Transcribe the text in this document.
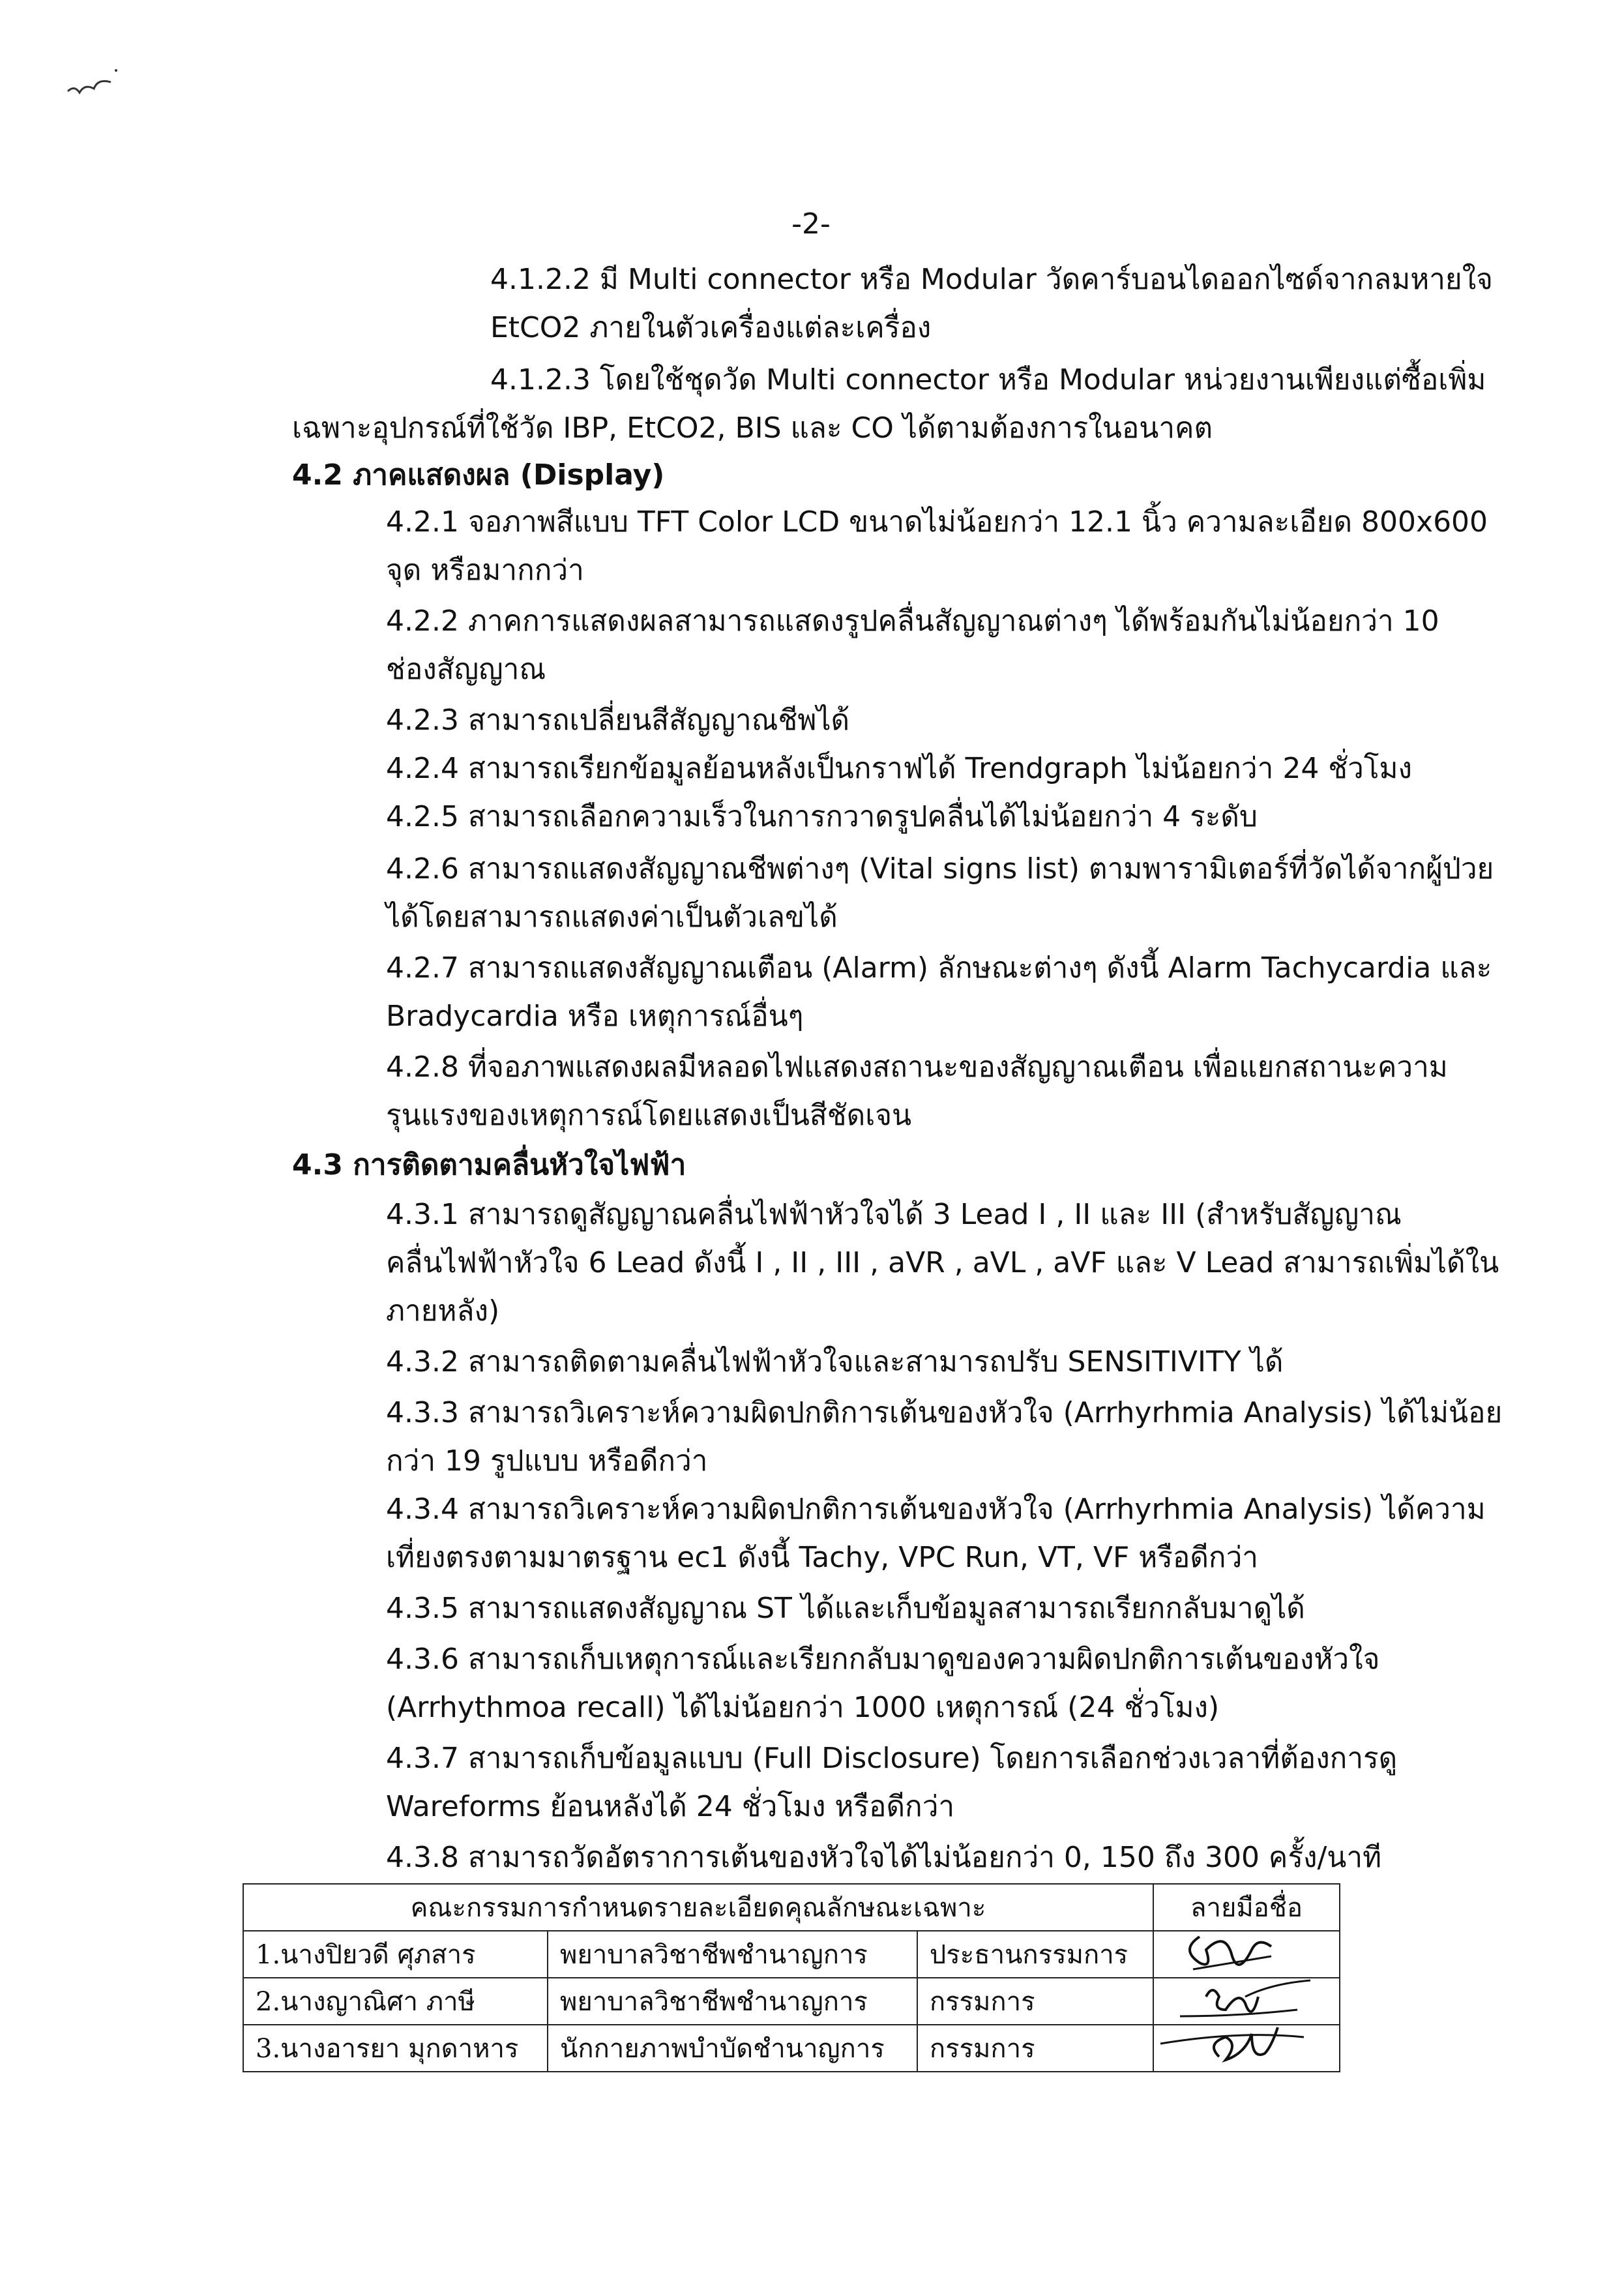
-2-
4.1.2.2 มี Multi connector หรือ Modular วัดคาร์บอนไดออกไซด์จากลมหายใจ
EtCO2 ภายในตัวเครื่องแต่ละเครื่อง
4.1.2.3 โดยใช้ชุดวัด Multi connector หรือ Modular หน่วยงานเพียงแต่ซื้อเพิ่ม
เฉพาะอุปกรณ์ที่ใช้วัด IBP, EtCO2, BIS และ CO ได้ตามต้องการในอนาคต
4.2 ภาคแสดงผล (Display)
4.2.1 จอภาพสีแบบ TFT Color LCD ขนาดไม่น้อยกว่า 12.1 นิ้ว ความละเอียด 800x600
จุด หรือมากกว่า
4.2.2 ภาคการแสดงผลสามารถแสดงรูปคลื่นสัญญาณต่างๆ ได้พร้อมกันไม่น้อยกว่า 10
ช่องสัญญาณ
4.2.3 สามารถเปลี่ยนสีสัญญาณชีพได้
4.2.4 สามารถเรียกข้อมูลย้อนหลังเป็นกราฟได้ Trendgraph ไม่น้อยกว่า 24 ชั่วโมง
4.2.5 สามารถเลือกความเร็วในการกวาดรูปคลื่นได้ไม่น้อยกว่า 4 ระดับ
4.2.6 สามารถแสดงสัญญาณชีพต่างๆ (Vital signs list) ตามพารามิเตอร์ที่วัดได้จากผู้ป่วย
ได้โดยสามารถแสดงค่าเป็นตัวเลขได้
4.2.7 สามารถแสดงสัญญาณเตือน (Alarm) ลักษณะต่างๆ ดังนี้ Alarm Tachycardia และ
Bradycardia หรือ เหตุการณ์อื่นๆ
4.2.8 ที่จอภาพแสดงผลมีหลอดไฟแสดงสถานะของสัญญาณเตือน เพื่อแยกสถานะความ
รุนแรงของเหตุการณ์โดยแสดงเป็นสีชัดเจน
4.3 การติดตามคลื่นหัวใจไฟฟ้า
4.3.1 สามารถดูสัญญาณคลื่นไฟฟ้าหัวใจได้ 3 Lead I , II และ III (สำหรับสัญญาณ
คลื่นไฟฟ้าหัวใจ 6 Lead ดังนี้ I , II , III , aVR , aVL , aVF และ V Lead สามารถเพิ่มได้ใน
ภายหลัง)
4.3.2 สามารถติดตามคลื่นไฟฟ้าหัวใจและสามารถปรับ SENSITIVITY ได้
4.3.3 สามารถวิเคราะห์ความผิดปกติการเต้นของหัวใจ (Arrhyrhmia Analysis) ได้ไม่น้อย
กว่า 19 รูปแบบ หรือดีกว่า
4.3.4 สามารถวิเคราะห์ความผิดปกติการเต้นของหัวใจ (Arrhyrhmia Analysis) ได้ความ
เที่ยงตรงตามมาตรฐาน ec1 ดังนี้ Tachy, VPC Run, VT, VF หรือดีกว่า
4.3.5 สามารถแสดงสัญญาณ ST ได้และเก็บข้อมูลสามารถเรียกกลับมาดูได้
4.3.6 สามารถเก็บเหตุการณ์และเรียกกลับมาดูของความผิดปกติการเต้นของหัวใจ
(Arrhythmoa recall) ได้ไม่น้อยกว่า 1000 เหตุการณ์ (24 ชั่วโมง)
4.3.7 สามารถเก็บข้อมูลแบบ (Full Disclosure) โดยการเลือกช่วงเวลาที่ต้องการดู
Wareforms ย้อนหลังได้ 24 ชั่วโมง หรือดีกว่า
4.3.8 สามารถวัดอัตราการเต้นของหัวใจได้ไม่น้อยกว่า 0, 150 ถึง 300 ครั้ง/นาที
คณะกรรมการกำหนดรายละเอียดคุณลักษณะเฉพาะ			ลายมือชื่อ
1.นางปิยวดี ศุภสาร	พยาบาลวิชาชีพชำนาญการ	ประธานกรรมการ	

2.นางญาณิศา ภาษี	พยาบาลวิชาชีพชำนาญการ	กรรมการ	

3.นางอารยา มุกดาหาร	นักกายภาพบำบัดชำนาญการ	กรรมการ	
